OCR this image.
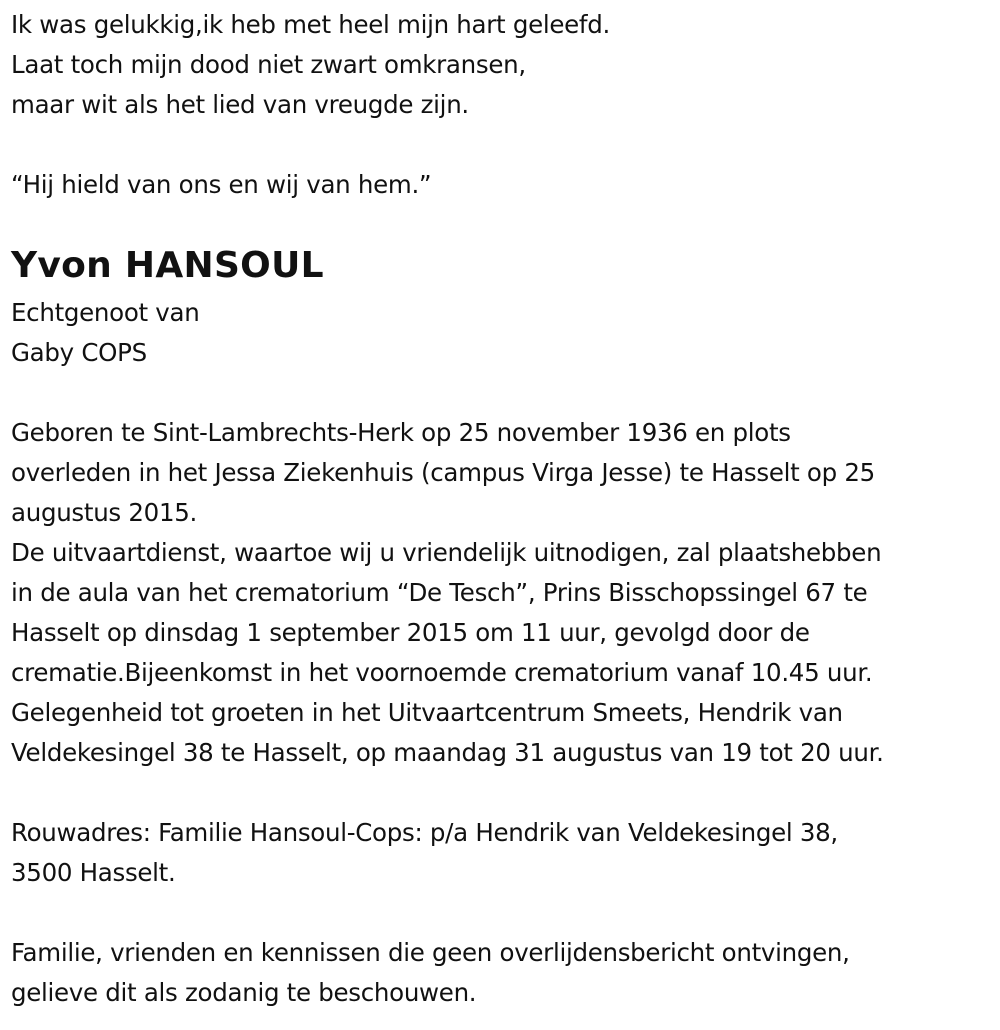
Ik was gelukkig,ik heb met heel mijn hart geleefd.
Laat toch mijn dood niet zwart omkransen,
maar wit als het lied van vreugde zijn.
“Hij hield van ons en wij van hem.”
Yvon HANSOUL
Echtgenoot van
Gaby COPS
Geboren te Sint-Lambrechts-Herk op 25 november 1936 en plots
overleden in het Jessa Ziekenhuis (campus Virga Jesse) te Hasselt op 25
augustus 2015.
De uitvaartdienst, waartoe wij u vriendelijk uitnodigen, zal plaatshebben
in de aula van het crematorium “De Tesch”, Prins Bisschopssingel 67 te
Hasselt op dinsdag 1 september 2015 om 11 uur, gevolgd door de
crematie.Bijeenkomst in het voornoemde crematorium vanaf 10.45 uur.
Gelegenheid tot groeten in het Uitvaartcentrum Smeets, Hendrik van
Veldekesingel 38 te Hasselt, op maandag 31 augustus van 19 tot 20 uur.
Rouwadres: Familie Hansoul-Cops: p/a Hendrik van Veldekesingel 38,
3500 Hasselt.
Familie, vrienden en kennissen die geen overlijdensbericht ontvingen,
gelieve dit als zodanig te beschouwen.
